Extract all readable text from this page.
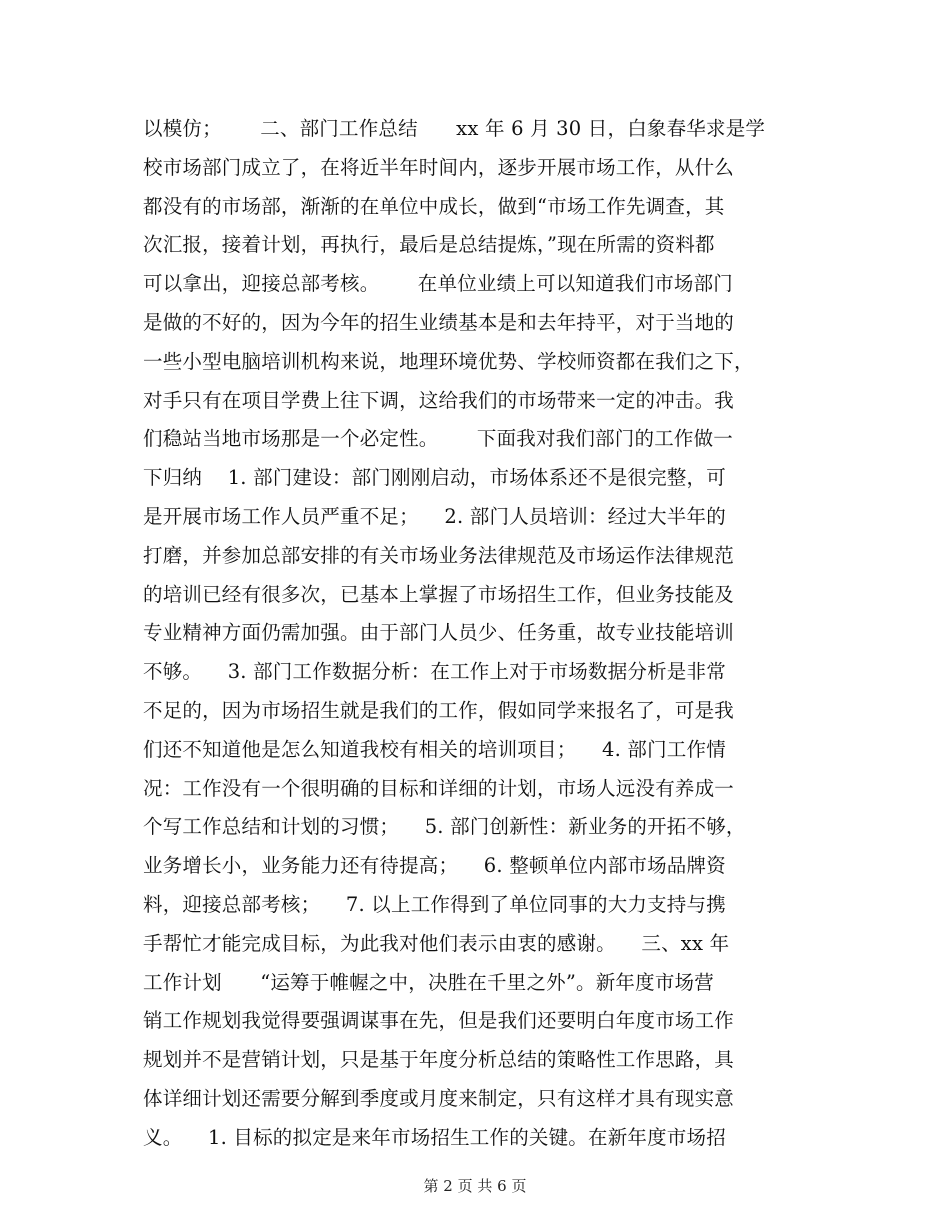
以模仿；      二、部门工作总结      xx 年 6 月 30 日，白象春华求是学
校市场部门成立了，在将近半年时间内，逐步开展市场工作，从什么
都没有的市场部，渐渐的在单位中成长，做到“市场工作先调查，其
次汇报，接着计划，再执行，最后是总结提炼，”现在所需的资料都
可以拿出，迎接总部考核。      在单位业绩上可以知道我们市场部门
是做的不好的，因为今年的招生业绩基本是和去年持平，对于当地的
一些小型电脑培训机构来说，地理环境优势、学校师资都在我们之下，
对手只有在项目学费上往下调，这给我们的市场带来一定的冲击。我
们稳站当地市场那是一个必定性。      下面我对我们部门的工作做一
下归纳    1. 部门建设：部门刚刚启动，市场体系还不是很完整，可
是开展市场工作人员严重不足；    2. 部门人员培训：经过大半年的
打磨，并参加总部安排的有关市场业务法律规范及市场运作法律规范
的培训已经有很多次，已基本上掌握了市场招生工作，但业务技能及
专业精神方面仍需加强。由于部门人员少、任务重，故专业技能培训
不够。    3. 部门工作数据分析：在工作上对于市场数据分析是非常
不足的，因为市场招生就是我们的工作，假如同学来报名了，可是我
们还不知道他是怎么知道我校有相关的培训项目；    4. 部门工作情
况：工作没有一个很明确的目标和详细的计划，市场人远没有养成一
个写工作总结和计划的习惯；    5. 部门创新性：新业务的开拓不够，
业务增长小，业务能力还有待提高；    6. 整顿单位内部市场品牌资
料，迎接总部考核；    7. 以上工作得到了单位同事的大力支持与携
手帮忙才能完成目标，为此我对他们表示由衷的感谢。    三、xx 年
工作计划      “运筹于帷幄之中，决胜在千里之外”。新年度市场营
销工作规划我觉得要强调谋事在先，但是我们还要明白年度市场工作
规划并不是营销计划，只是基于年度分析总结的策略性工作思路，具
体详细计划还需要分解到季度或月度来制定，只有这样才具有现实意
义。    1. 目标的拟定是来年市场招生工作的关键。在新年度市场招
第 2 页 共 6 页
